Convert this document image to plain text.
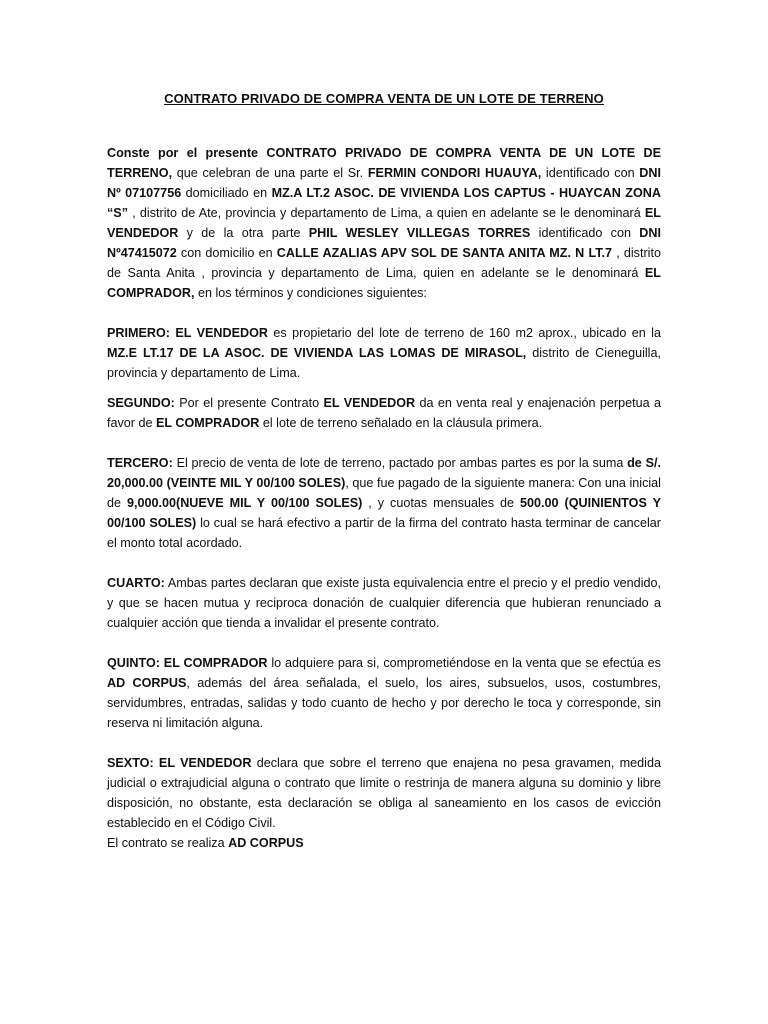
CONTRATO PRIVADO DE COMPRA VENTA DE UN LOTE DE TERRENO

Conste por el presente CONTRATO PRIVADO DE COMPRA VENTA DE UN LOTE DE TERRENO, que celebran de una parte el Sr. FERMIN CONDORI HUAUYA, identificado con DNI Nº 07107756 domiciliado en MZ.A LT.2 ASOC. DE VIVIENDA LOS CAPTUS - HUAYCAN ZONA “S” , distrito de Ate, provincia y departamento de Lima, a quien en adelante se le denominará EL VENDEDOR y de la otra parte PHIL WESLEY VILLEGAS TORRES identificado con DNI Nº47415072 con domicilio en CALLE AZALIAS APV SOL DE SANTA ANITA MZ. N LT.7 , distrito de Santa Anita , provincia y departamento de Lima, quien en adelante se le denominará EL COMPRADOR, en los términos y condiciones siguientes:

PRIMERO: EL VENDEDOR es propietario del lote de terreno de 160 m2 aprox., ubicado en la MZ.E LT.17 DE LA ASOC. DE VIVIENDA LAS LOMAS DE MIRASOL, distrito de Cieneguilla, provincia y departamento de Lima.

SEGUNDO: Por el presente Contrato EL VENDEDOR da en venta real y enajenación perpetua a favor de EL COMPRADOR el lote de terreno señalado en la cláusula primera.

TERCERO: El precio de venta de lote de terreno, pactado por ambas partes es por la suma de S/. 20,000.00 (VEINTE MIL Y 00/100 SOLES), que fue pagado de la siguiente manera: Con una inicial de 9,000.00(NUEVE MIL Y 00/100 SOLES) , y cuotas mensuales de 500.00 (QUINIENTOS Y 00/100 SOLES) lo cual se hará efectivo a partir de la firma del contrato hasta terminar de cancelar el monto total acordado.

CUARTO: Ambas partes declaran que existe justa equivalencia entre el precio y el predio vendido, y que se hacen mutua y reciproca donación de cualquier diferencia que hubieran renunciado a cualquier acción que tienda a invalidar el presente contrato.

QUINTO: EL COMPRADOR lo adquiere para si, comprometiéndose en la venta que se efectúa es AD CORPUS, además del área señalada, el suelo, los aires, subsuelos, usos, costumbres, servidumbres, entradas, salidas y todo cuanto de hecho y por derecho le toca y corresponde, sin reserva ni limitación alguna.

SEXTO: EL VENDEDOR declara que sobre el terreno que enajena no pesa gravamen, medida judicial o extrajudicial alguna o contrato que limite o restrinja de manera alguna su dominio y libre disposición, no obstante, esta declaración se obliga al saneamiento en los casos de evicción establecido en el Código Civil.

El contrato se realiza AD CORPUS
